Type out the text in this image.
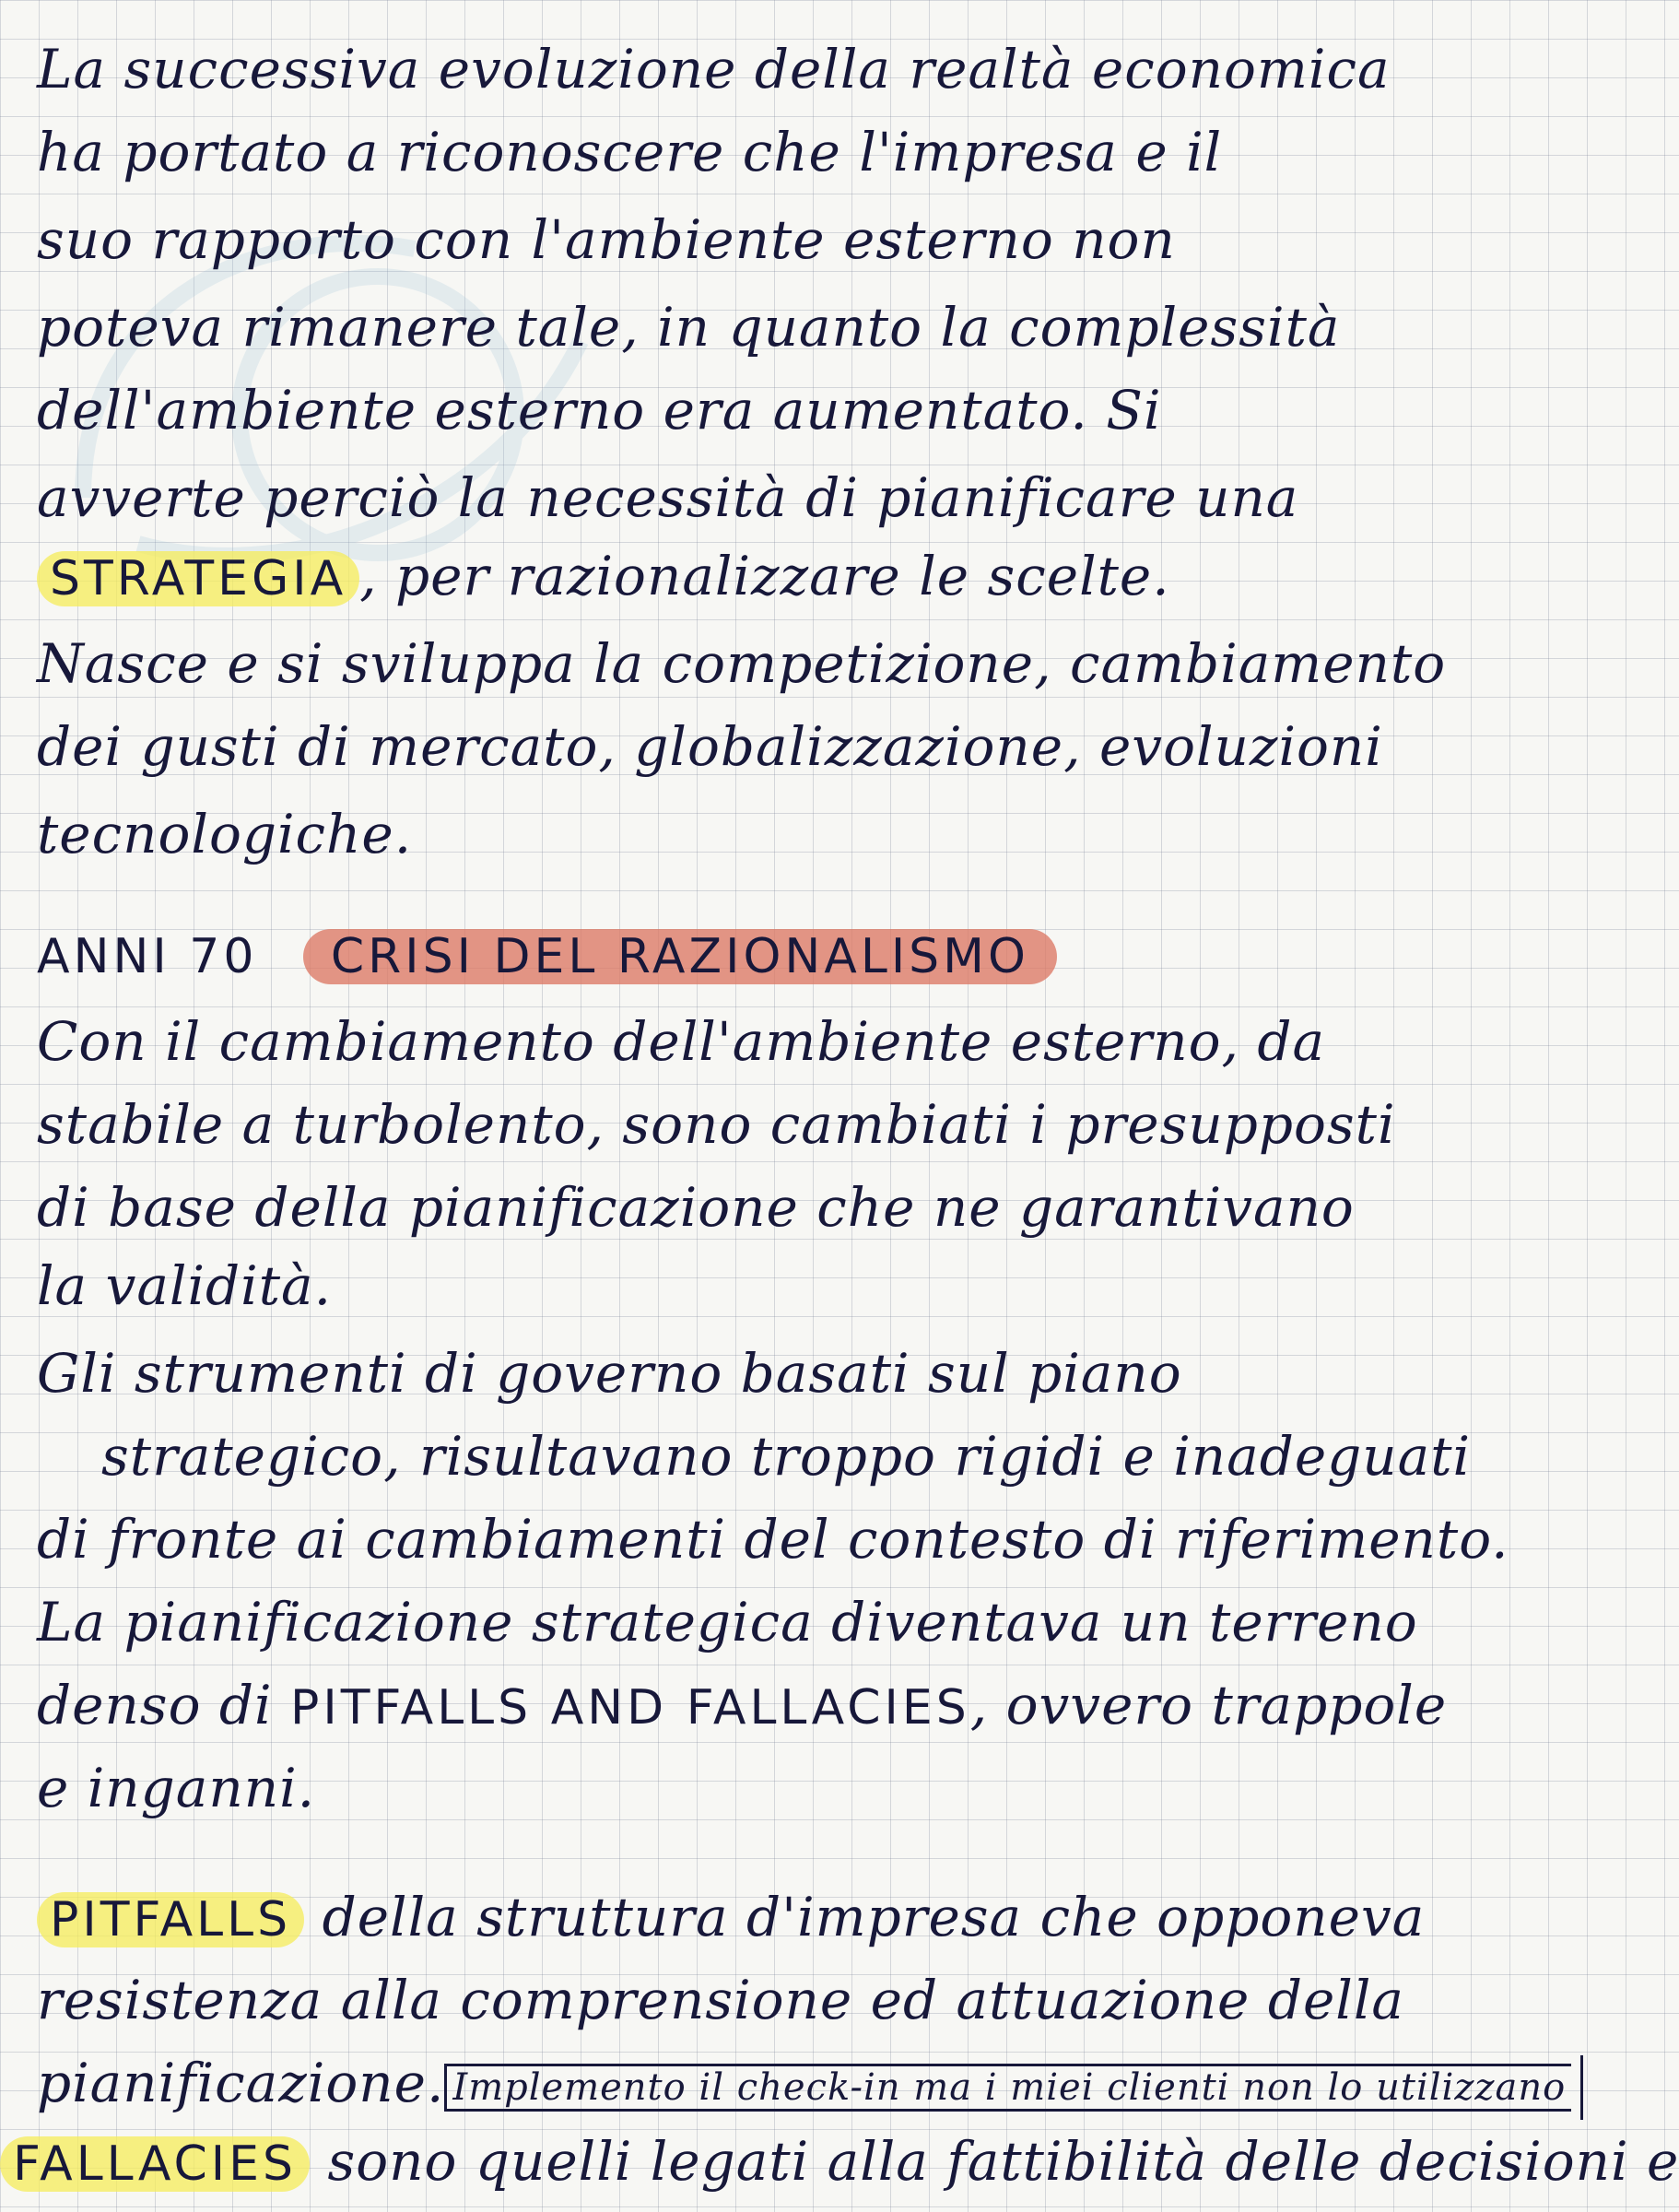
La successiva evoluzione della realtà economica
ha portato a riconoscere che l'impresa e il
suo rapporto con l'ambiente esterno non
poteva rimanere tale, in quanto la complessità
dell'ambiente esterno era aumentato. Si
avverte perciò la necessità di pianificare una
STRATEGIA , per razionalizzare le scelte.
Nasce e si sviluppa la competizione, cambiamento
dei gusti di mercato, globalizzazione, evoluzioni
tecnologiche.
ANNI 70 CRISI DEL RAZIONALISMO
Con il cambiamento dell'ambiente esterno, da
stabile a turbolento, sono cambiati i presupposti
di base della pianificazione che ne garantivano
la validità.
Gli strumenti di governo basati sul piano
strategico, risultavano troppo rigidi e inadeguati
di fronte ai cambiamenti del contesto di riferimento.
La pianificazione strategica diventava un terreno
denso di PITFALLS AND FALLACIES, ovvero trappole
e inganni.
PITFALLS della struttura d'impresa che opponeva
resistenza alla comprensione ed attuazione della
pianificazione. Implemento il check-in ma i miei clienti non lo utilizzano
FALLACIES sono quelli legati alla fattibilità delle decisioni e
